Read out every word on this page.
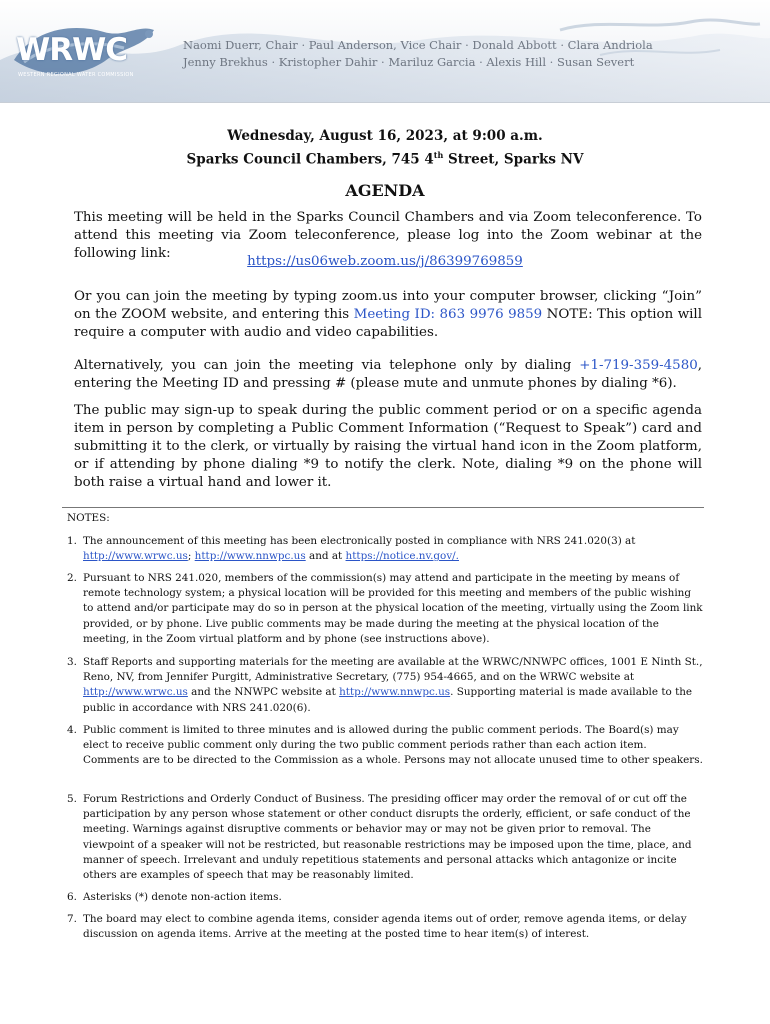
WRWC
WESTERN REGIONAL WATER COMMISSION
Naomi Duerr, Chair · Paul Anderson, Vice Chair · Donald Abbott · Clara Andriola
Jenny Brekhus · Kristopher Dahir · Mariluz Garcia · Alexis Hill · Susan Severt
Wednesday, August 16, 2023, at 9:00 a.m.
Sparks Council Chambers, 745 4th Street, Sparks NV
AGENDA
This meeting will be held in the Sparks Council Chambers and via Zoom teleconference. To attend this meeting via Zoom teleconference, please log into the Zoom webinar at the following link:
https://us06web.zoom.us/j/86399769859
Or you can join the meeting by typing zoom.us into your computer browser, clicking “Join” on the ZOOM website, and entering this Meeting ID: 863 9976 9859 NOTE: This option will require a computer with audio and video capabilities.
Alternatively, you can join the meeting via telephone only by dialing +1-719-359-4580, entering the Meeting ID and pressing # (please mute and unmute phones by dialing *6).
The public may sign-up to speak during the public comment period or on a specific agenda item in person by completing a Public Comment Information (“Request to Speak”) card and submitting it to the clerk, or virtually by raising the virtual hand icon in the Zoom platform, or if attending by phone dialing *9 to notify the clerk. Note, dialing *9 on the phone will both raise a virtual hand and lower it.
NOTES:
1. The announcement of this meeting has been electronically posted in compliance with NRS 241.020(3) at http://www.wrwc.us; http://www.nnwpc.us and at https://notice.nv.gov/.
2. Pursuant to NRS 241.020, members of the commission(s) may attend and participate in the meeting by means of remote technology system; a physical location will be provided for this meeting and members of the public wishing to attend and/or participate may do so in person at the physical location of the meeting, virtually using the Zoom link provided, or by phone. Live public comments may be made during the meeting at the physical location of the meeting, in the Zoom virtual platform and by phone (see instructions above).
3. Staff Reports and supporting materials for the meeting are available at the WRWC/NNWPC offices, 1001 E Ninth St., Reno, NV, from Jennifer Purgitt, Administrative Secretary, (775) 954-4665, and on the WRWC website at http://www.wrwc.us and the NNWPC website at http://www.nnwpc.us. Supporting material is made available to the public in accordance with NRS 241.020(6).
4. Public comment is limited to three minutes and is allowed during the public comment periods. The Board(s) may elect to receive public comment only during the two public comment periods rather than each action item. Comments are to be directed to the Commission as a whole. Persons may not allocate unused time to other speakers.
5. Forum Restrictions and Orderly Conduct of Business. The presiding officer may order the removal of or cut off the participation by any person whose statement or other conduct disrupts the orderly, efficient, or safe conduct of the meeting. Warnings against disruptive comments or behavior may or may not be given prior to removal. The viewpoint of a speaker will not be restricted, but reasonable restrictions may be imposed upon the time, place, and manner of speech. Irrelevant and unduly repetitious statements and personal attacks which antagonize or incite others are examples of speech that may be reasonably limited.
6. Asterisks (*) denote non-action items.
7. The board may elect to combine agenda items, consider agenda items out of order, remove agenda items, or delay discussion on agenda items. Arrive at the meeting at the posted time to hear item(s) of interest.
